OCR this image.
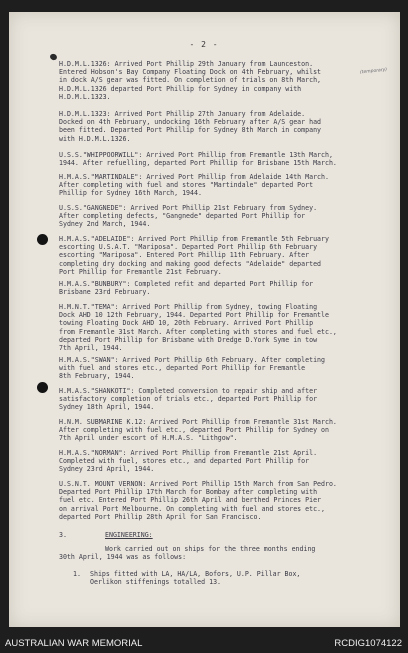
- 2 -
(temporary)
H.D.M.L.1326: Arrived Port Phillip 29th January from Launceston.
Entered Hobson's Bay Company Floating Dock on 4th February, whilst
in dock A/S gear was fitted. On completion of trials on 8th March,
H.D.M.L.1326 departed Port Phillip for Sydney in company with
H.D.M.L.1323.
H.D.M.L.1323: Arrived Port Phillip 27th January from Adelaide.
Docked on 4th February, undocking 16th February after A/S gear had
been fitted. Departed Port Phillip for Sydney 8th March in company
with H.D.M.L.1326.
U.S.S."WHIPPOORWILL": Arrived Port Phillip from Fremantle 13th March,
1944. After refuelling, departed Port Phillip for Brisbane 15th March.
H.M.A.S."MARTINDALE": Arrived Port Phillip from Adelaide 14th March.
After completing with fuel and stores "Martindale" departed Port
Phillip for Sydney 16th March, 1944.
U.S.S."GANGNEDE": Arrived Port Phillip 21st February from Sydney.
After completing defects, "Gangnede" departed Port Phillip for
Sydney 2nd March, 1944.
H.M.A.S."ADELAIDE": Arrived Port Phillip from Fremantle 5th February
escorting U.S.A.T. "Mariposa". Departed Port Phillip 6th February
escorting "Mariposa". Entered Port Phillip 11th February. After
completing dry docking and making good defects "Adelaide" departed
Port Phillip for Fremantle 21st February.
H.M.A.S."BUNBURY": Completed refit and departed Port Phillip for
Brisbane 23rd February.
H.M.N.T."TEMA": Arrived Port Phillip from Sydney, towing Floating
Dock AHD 10 12th February, 1944. Departed Port Phillip for Fremantle
towing Floating Dock AHD 10, 20th February. Arrived Port Phillip
from Fremantle 31st March. After completing with stores and fuel etc.,
departed Port Phillip for Brisbane with Dredge D.York Syme in tow
7th April, 1944.
H.M.A.S."SWAN": Arrived Port Phillip 6th February. After completing
with fuel and stores etc., departed Port Phillip for Fremantle
8th February, 1944.
H.M.A.S."SHANKOTI": Completed conversion to repair ship and after
satisfactory completion of trials etc., departed Port Phillip for
Sydney 18th April, 1944.
H.N.M. SUBMARINE K.12: Arrived Port Phillip from Fremantle 31st March.
After completing with fuel etc., departed Port Phillip for Sydney on
7th April under escort of H.M.A.S. "Lithgow".
H.M.A.S."NORMAN": Arrived Port Phillip from Fremantle 21st April.
Completed with fuel, stores etc., and departed Port Phillip for
Sydney 23rd April, 1944.
U.S.N.T. MOUNT VERNON: Arrived Port Phillip 15th March from San Pedro.
Departed Port Phillip 17th March for Bombay after completing with
fuel etc. Entered Port Phillip 26th April and berthed Princes Pier
on arrival Port Melbourne. On completing with fuel and stores etc.,
departed Port Phillip 28th April for San Francisco.
3.	ENGINEERING:
Work carried out on ships for the three months ending
30th April, 1944 was as follows:
1.	Ships fitted with LA, HA/LA, Bofors, U.P. Pillar Box,
Oerlikon stiffenings totalled 13.
AUSTRALIAN WAR MEMORIAL	RCDIG1074122
